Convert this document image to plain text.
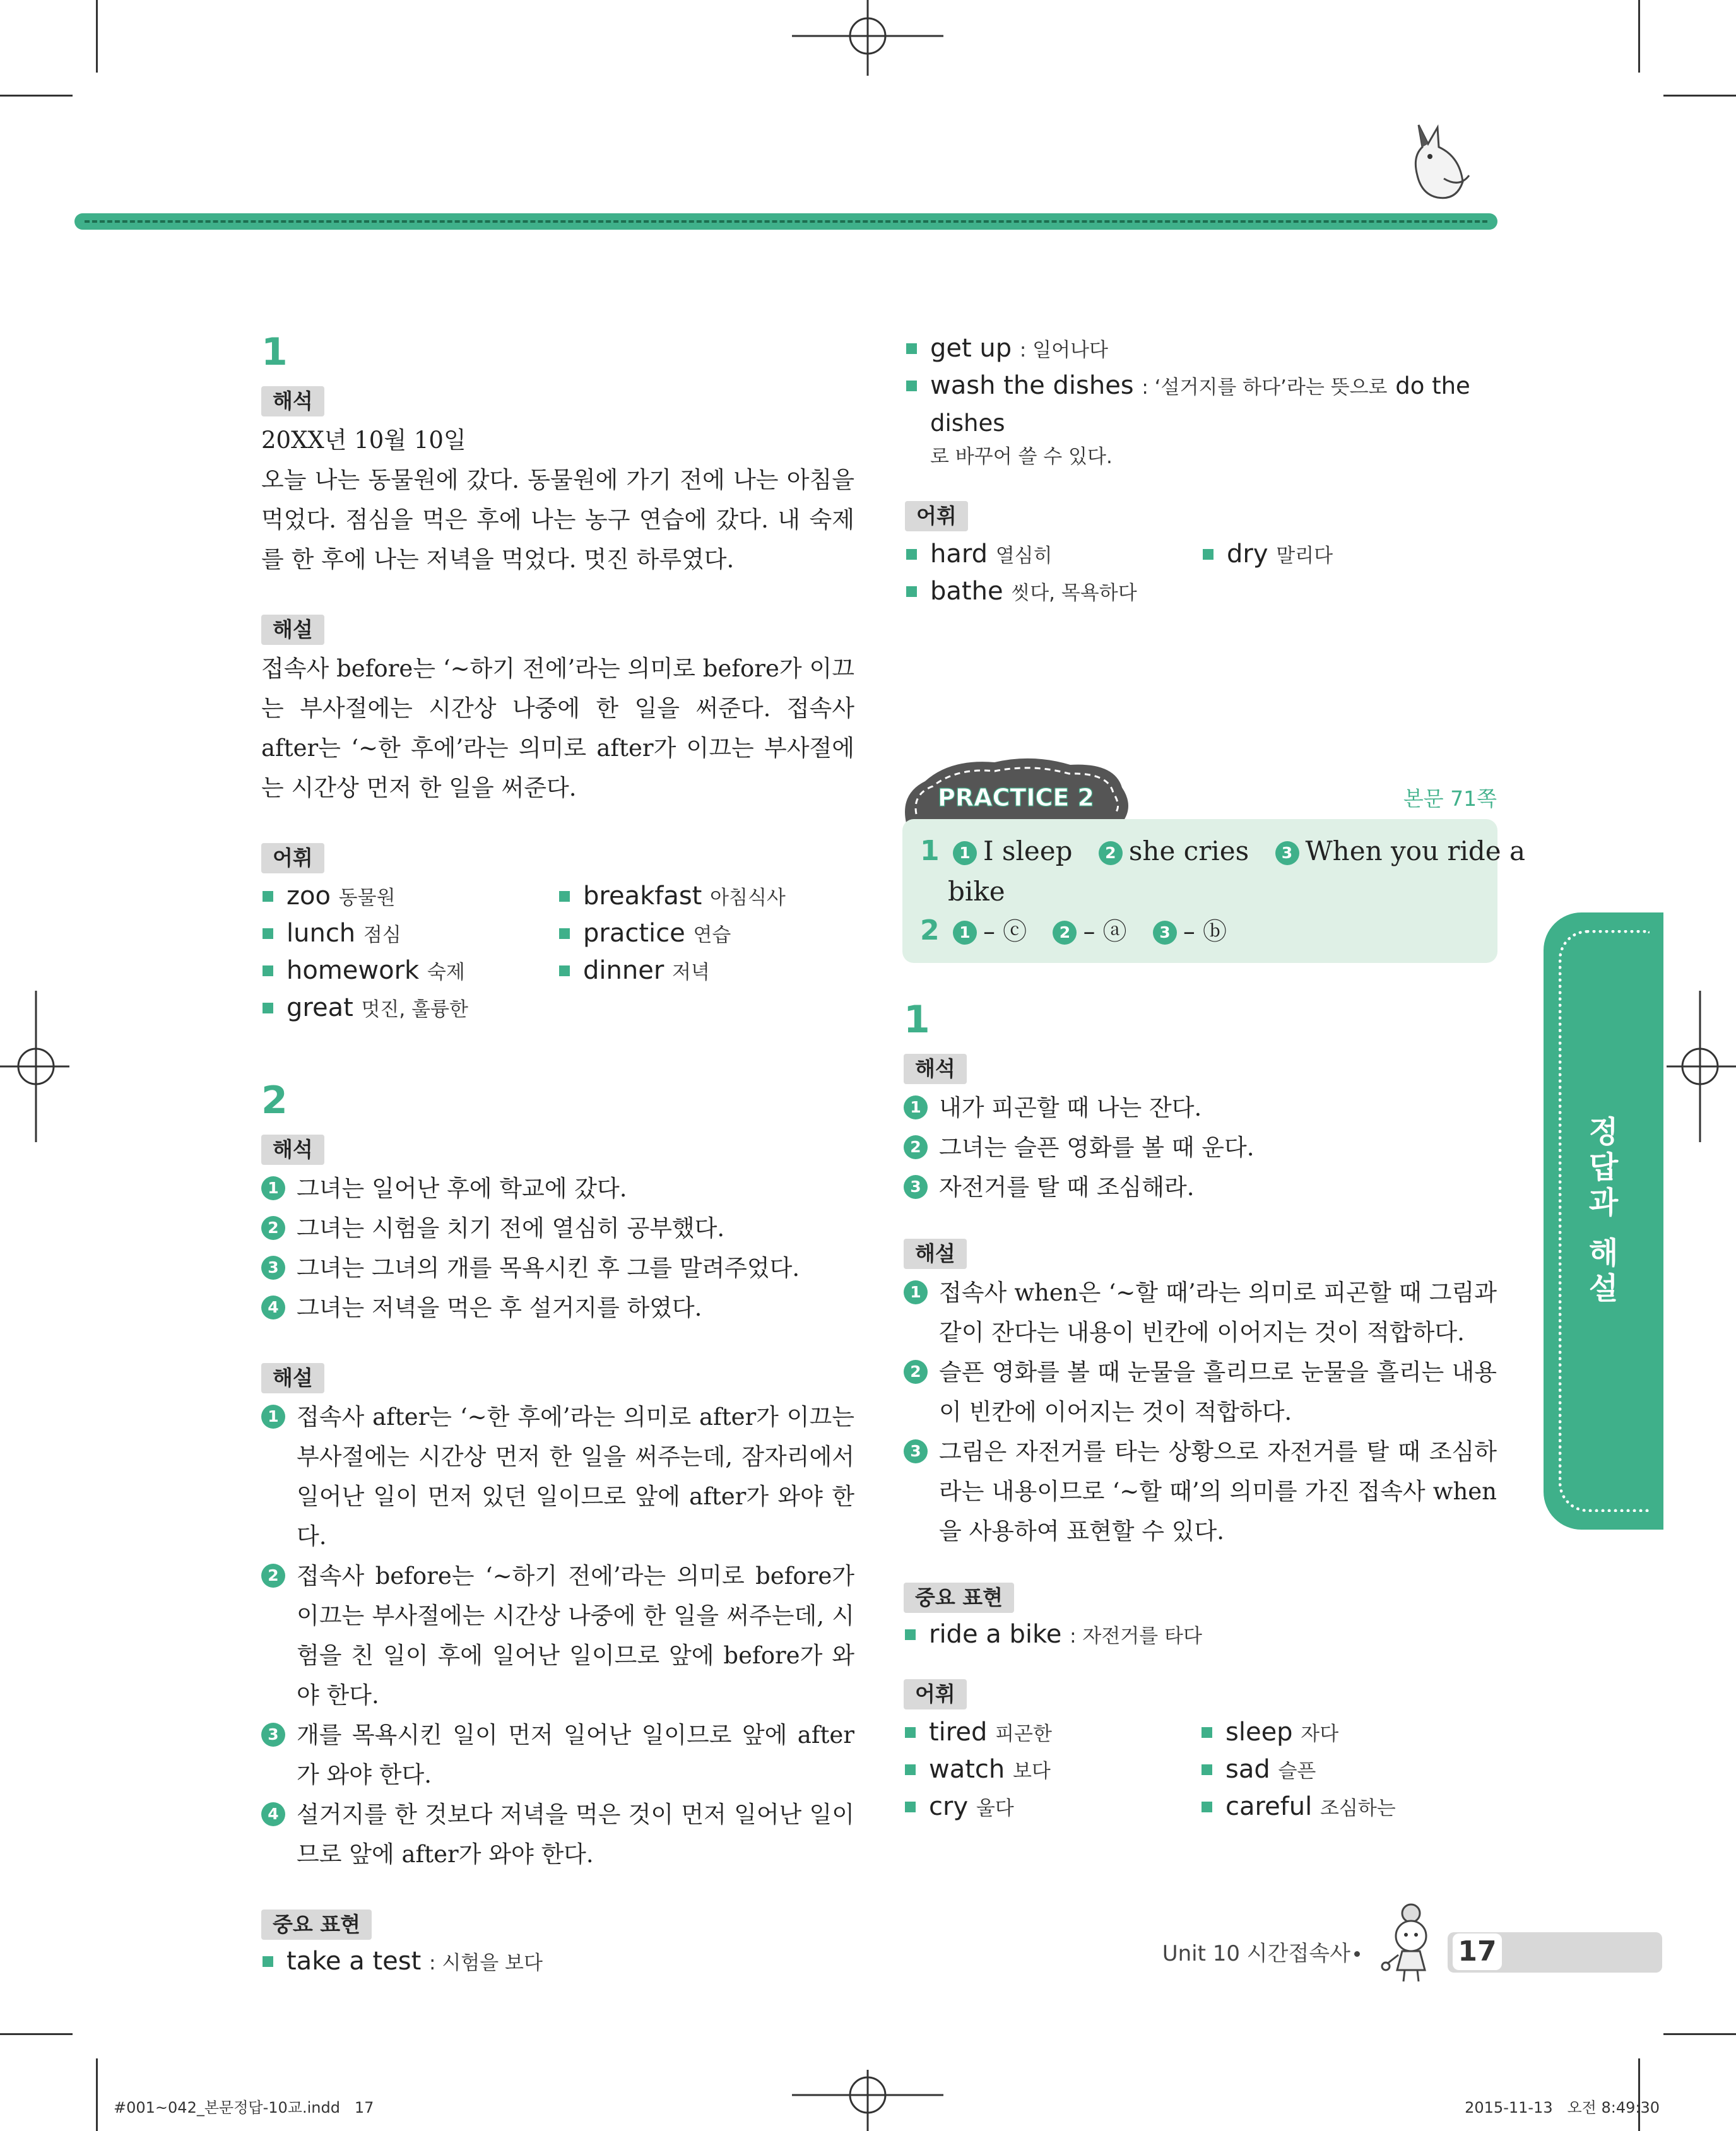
1
해석

20XX년 10월 10일

오늘 나는 동물원에 갔다. 동물원에 가기 전에 나는 아침을 먹었다. 점심을 먹은 후에 나는 농구 연습에 갔다. 내 숙제를 한 후에 나는 저녁을 먹었다. 멋진 하루였다.

해설

접속사 before는 ‘~하기 전에’라는 의미로 before가 이끄는 부사절에는 시간상 나중에 한 일을 써준다. 접속사 after는 ‘~한 후에’라는 의미로 after가 이끄는 부사절에는 시간상 먼저 한 일을 써준다.

어휘
zoo 동물원	breakfast 아침식사
lunch 점심	practice 연습
homework 숙제	dinner 저녁
great 멋진, 훌륭한
2
해석
1 그녀는 일어난 후에 학교에 갔다.
2 그녀는 시험을 치기 전에 열심히 공부했다.
3 그녀는 그녀의 개를 목욕시킨 후 그를 말려주었다.
4 그녀는 저녁을 먹은 후 설거지를 하였다.
해설
1 접속사 after는 ‘~한 후에’라는 의미로 after가 이끄는 부사절에는 시간상 먼저 한 일을 써주는데, 잠자리에서 일어난 일이 먼저 있던 일이므로 앞에 after가 와야 한다.
2 접속사 before는 ‘~하기 전에’라는 의미로 before가 이끄는 부사절에는 시간상 나중에 한 일을 써주는데, 시험을 친 일이 후에 일어난 일이므로 앞에 before가 와야 한다.
3 개를 목욕시킨 일이 먼저 일어난 일이므로 앞에 after가 와야 한다.
4 설거지를 한 것보다 저녁을 먹은 것이 먼저 일어난 일이므로 앞에 after가 와야 한다.
중요 표현
take a test : 시험을 보다
get up : 일어나다
wash the dishes : ‘설거지를 하다’라는 뜻으로 do the dishes
로 바꾸어 쓸 수 있다.
어휘
hard 열심히	dry 말리다
bathe 씻다, 목욕하다
PRACTICE 2	본문 71쪽
1 1 I sleep 2 she cries 3 When you ride a
bike
2 1 – ⓒ 2 – ⓐ 3 – ⓑ
1
해석
1 내가 피곤할 때 나는 잔다.
2 그녀는 슬픈 영화를 볼 때 운다.
3 자전거를 탈 때 조심해라.
해설
1 접속사 when은 ‘~할 때’라는 의미로 피곤할 때 그림과 같이 잔다는 내용이 빈칸에 이어지는 것이 적합하다.
2 슬픈 영화를 볼 때 눈물을 흘리므로 눈물을 흘리는 내용이 빈칸에 이어지는 것이 적합하다.
3 그림은 자전거를 타는 상황으로 자전거를 탈 때 조심하라는 내용이므로 ‘~할 때’의 의미를 가진 접속사 when을 사용하여 표현할 수 있다.
중요 표현
ride a bike : 자전거를 타다
어휘
tired 피곤한	sleep 자다
watch 보다	sad 슬픈
cry 울다	careful 조심하는
정
답
과
해
설
Unit 10 시간접속사	17
#001~042_본문정답-10교.indd   17	2015-11-13   오전 8:49:30
